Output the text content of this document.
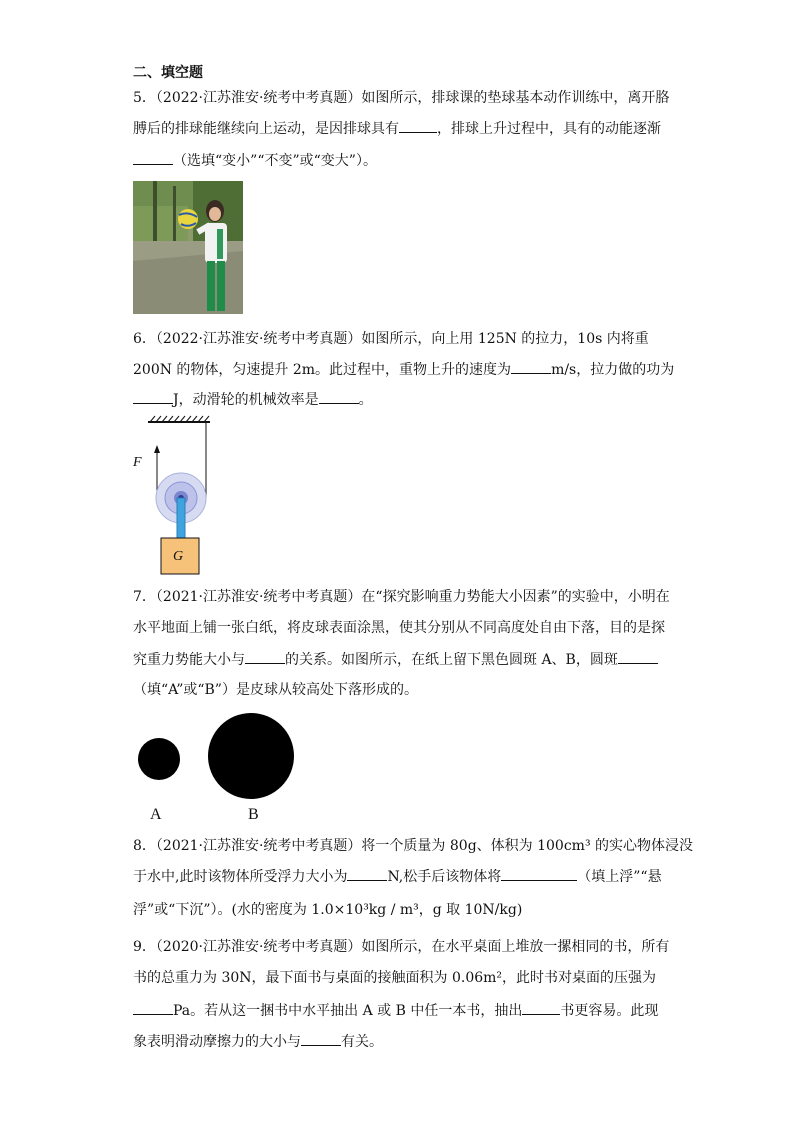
二、填空题
5．（2022·江苏淮安·统考中考真题）如图所示，排球课的垫球基本动作训练中，离开胳
膊后的排球能继续向上运动，是因排球具有	，排球上升过程中，具有的动能逐渐
（选填“变小”“不变”或“变大”）。
6．（2022·江苏淮安·统考中考真题）如图所示，向上用 125N 的拉力，10s 内将重
200N 的物体，匀速提升 2m。此过程中，重物上升的速度为	m/s，拉力做的功为
J，动滑轮的机械效率是	。
F
G
7．（2021·江苏淮安·统考中考真题）在“探究影响重力势能大小因素”的实验中，小明在
水平地面上铺一张白纸，将皮球表面涂黑，使其分别从不同高度处自由下落，目的是探
究重力势能大小与	的关系。如图所示，在纸上留下黑色圆斑 A、B，圆斑
（填“A”或“B”）是皮球从较高处下落形成的。
A	B
8．（2021·江苏淮安·统考中考真题）将一个质量为 80g、体积为 100cm³ 的实心物体浸没
于水中,此时该物体所受浮力大小为	N,松手后该物体将	（填上浮”“悬
浮”或“下沉”）。(水的密度为 1.0×10³kg / m³，g 取 10N/kg)
9．（2020·江苏淮安·统考中考真题）如图所示，在水平桌面上堆放一摞相同的书，所有
书的总重力为 30N，最下面书与桌面的接触面积为 0.06m²，此时书对桌面的压强为
Pa。若从这一捆书中水平抽出 A 或 B 中任一本书，抽出	书更容易。此现
象表明滑动摩擦力的大小与	有关。
